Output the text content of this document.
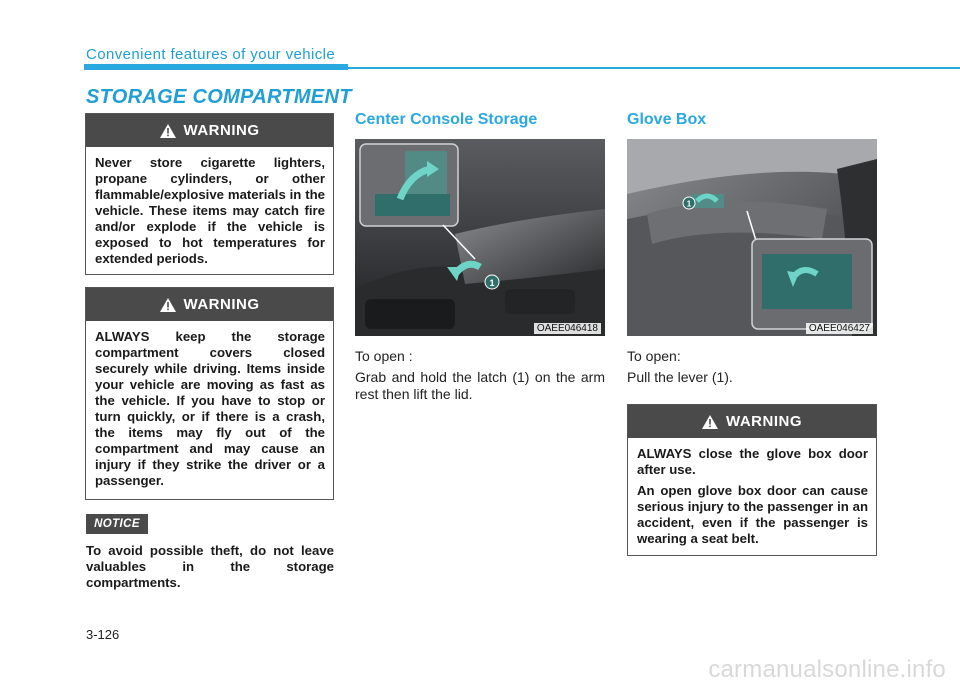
Convenient features of your vehicle
STORAGE COMPARTMENT
WARNING

Never store cigarette lighters, propane cylinders, or other flammable/explosive materials in the vehicle. These items may catch fire and/or explode if the vehicle is exposed to hot temperatures for extended periods.

WARNING

ALWAYS keep the storage compartment covers closed securely while driving. Items inside your vehicle are moving as fast as the vehicle. If you have to stop or turn quickly, or if there is a crash, the items may fly out of the compartment and may cause an injury if they strike the driver or a passenger.

NOTICE
To avoid possible theft, do not leave valuables in the storage compartments.
Center Console Storage
1
OAEE046418

To open :

Grab and hold the latch (1) on the arm rest then lift the lid.

Glove Box
1
OAEE046427

To open:

Pull the lever (1).

WARNING

ALWAYS close the glove box door after use.

An open glove box door can cause serious injury to the passenger in an accident, even if the passenger is wearing a seat belt.

3-126
carmanualsonline.info
